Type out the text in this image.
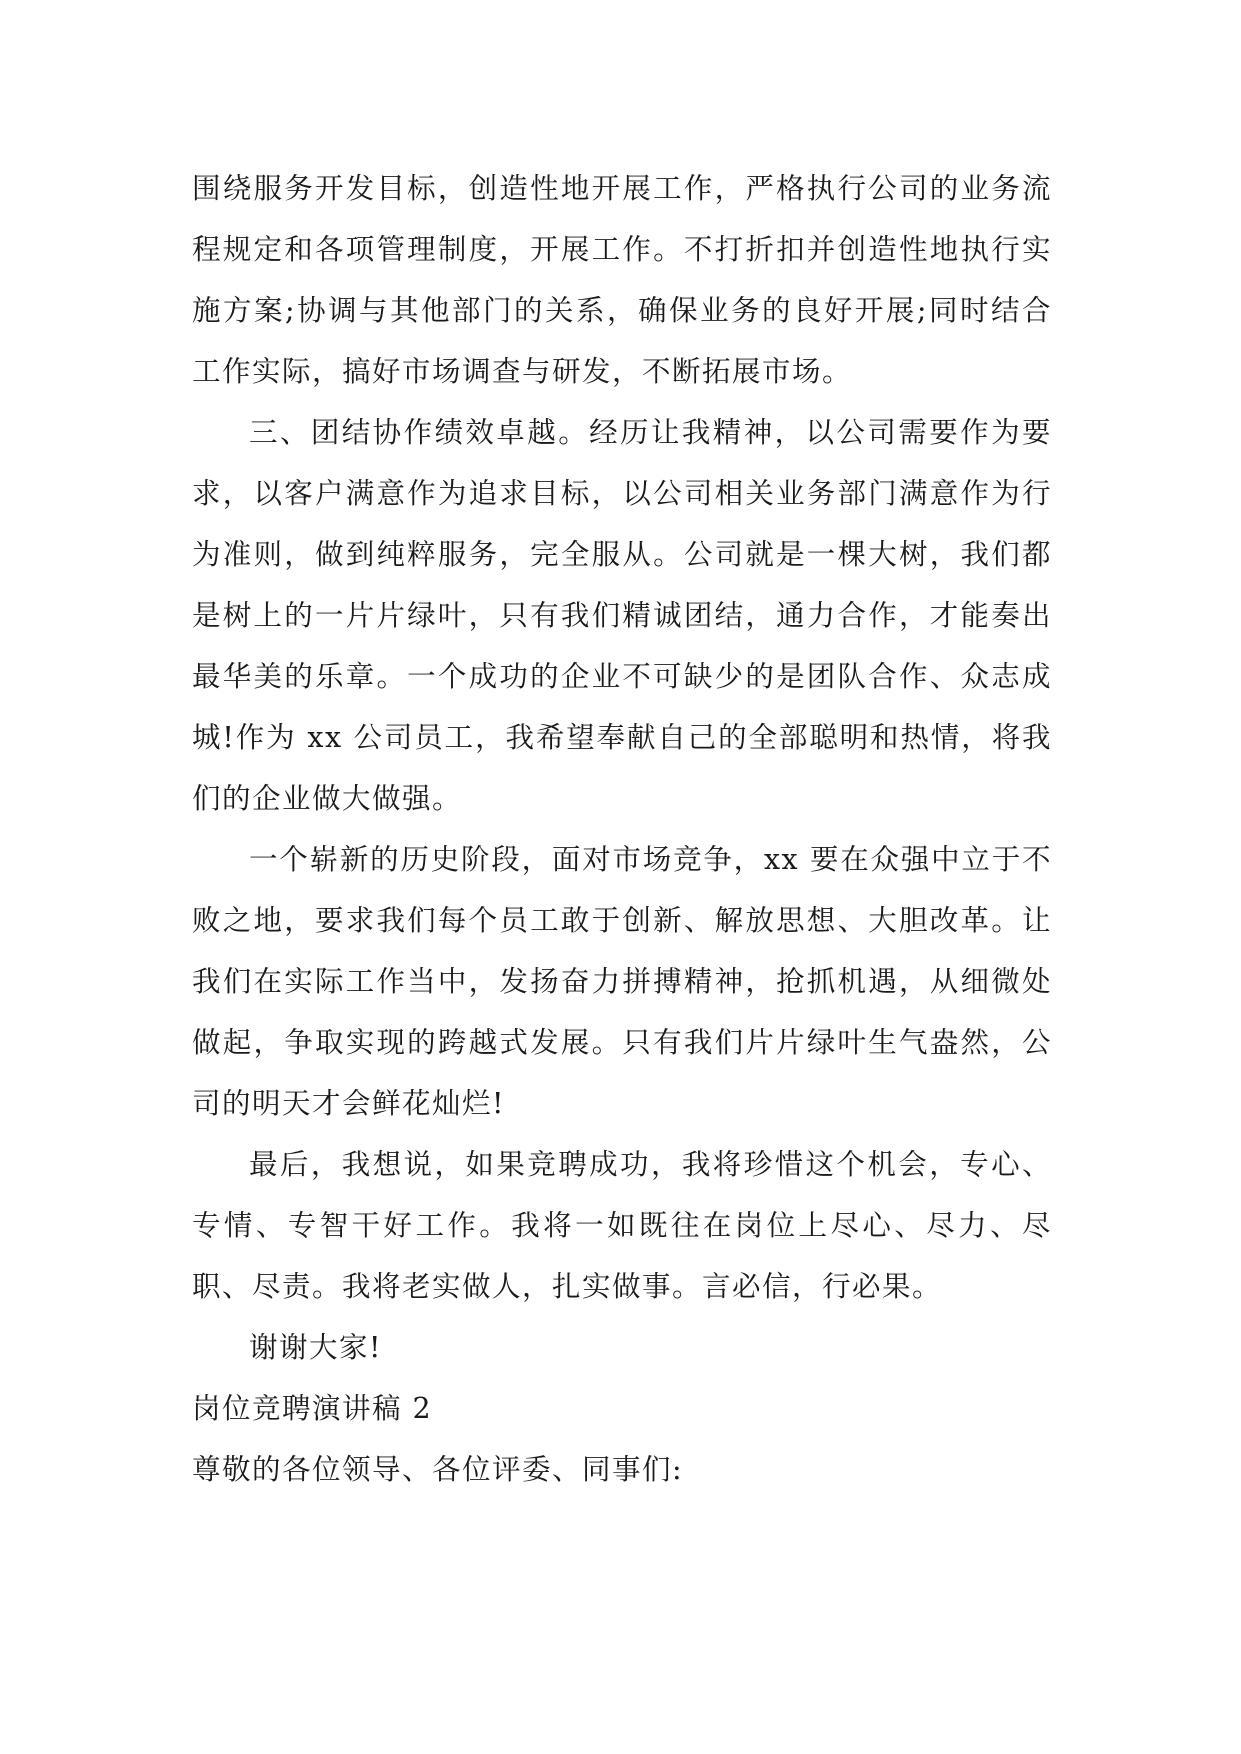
围绕服务开发目标，创造性地开展工作，严格执行公司的业务流程规定和各项管理制度，开展工作。不打折扣并创造性地执行实施方案;协调与其他部门的关系，确保业务的良好开展;同时结合工作实际，搞好市场调查与研发，不断拓展市场。

三、团结协作绩效卓越。经历让我精神，以公司需要作为要求，以客户满意作为追求目标，以公司相关业务部门满意作为行为准则，做到纯粹服务，完全服从。公司就是一棵大树，我们都是树上的一片片绿叶，只有我们精诚团结，通力合作，才能奏出最华美的乐章。一个成功的企业不可缺少的是团队合作、众志成城!作为 xx 公司员工，我希望奉献自己的全部聪明和热情，将我们的企业做大做强。

一个崭新的历史阶段，面对市场竞争，xx 要在众强中立于不败之地，要求我们每个员工敢于创新、解放思想、大胆改革。让我们在实际工作当中，发扬奋力拼搏精神，抢抓机遇，从细微处做起，争取实现的跨越式发展。只有我们片片绿叶生气盎然，公司的明天才会鲜花灿烂!

最后，我想说，如果竞聘成功，我将珍惜这个机会，专心、专情、专智干好工作。我将一如既往在岗位上尽心、尽力、尽职、尽责。我将老实做人，扎实做事。言必信，行必果。

谢谢大家!

岗位竞聘演讲稿 2

尊敬的各位领导、各位评委、同事们:
